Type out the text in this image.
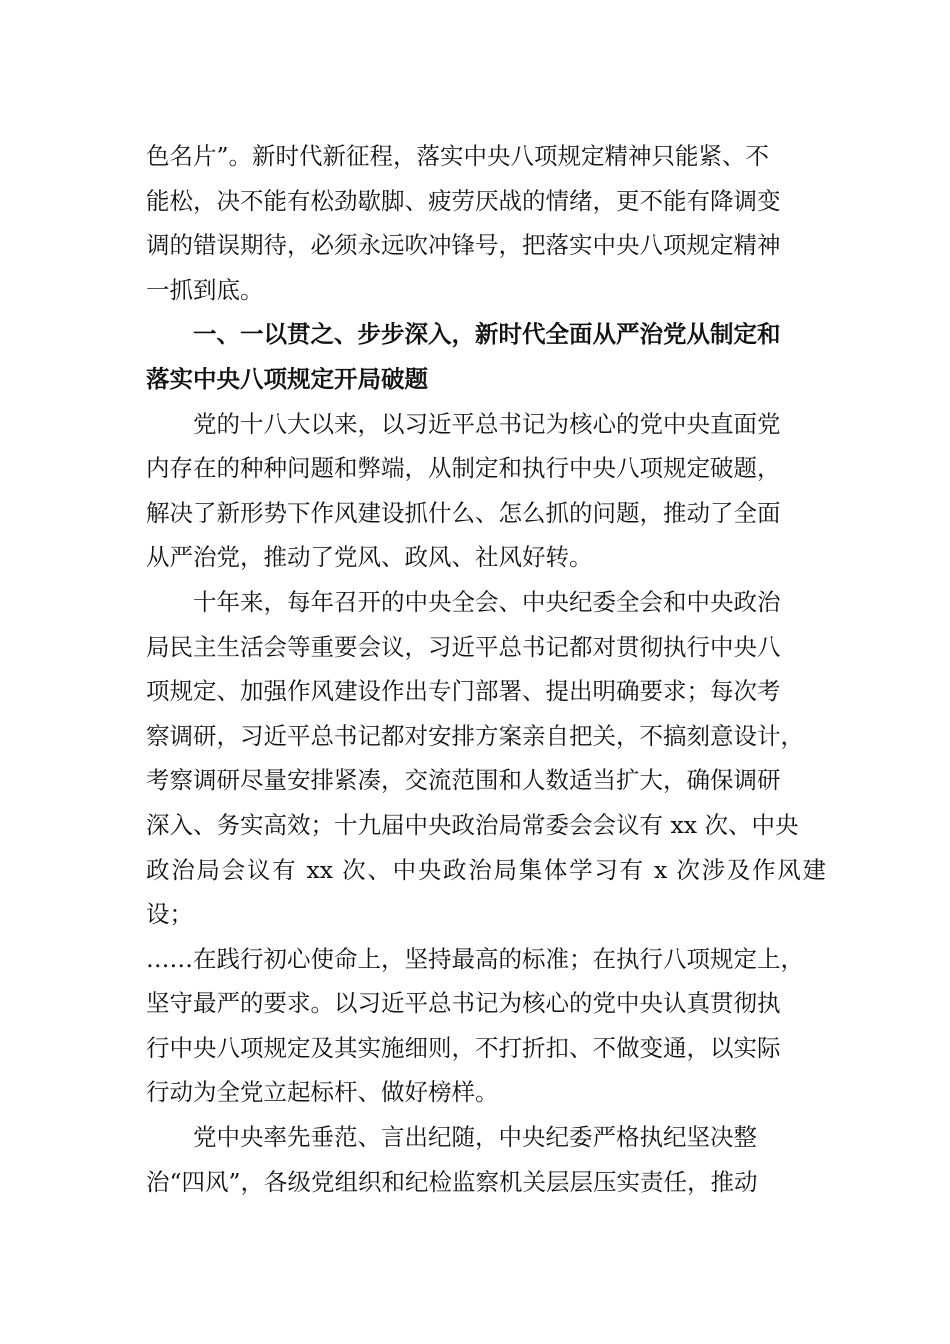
色名片”。新时代新征程，落实中央八项规定精神只能紧、不
能松，决不能有松劲歇脚、疲劳厌战的情绪，更不能有降调变
调的错误期待，必须永远吹冲锋号，把落实中央八项规定精神
一抓到底。

　　一、一以贯之、步步深入，新时代全面从严治党从制定和
落实中央八项规定开局破题

　　党的十八大以来，以习近平总书记为核心的党中央直面党
内存在的种种问题和弊端，从制定和执行中央八项规定破题，
解决了新形势下作风建设抓什么、怎么抓的问题，推动了全面
从严治党，推动了党风、政风、社风好转。

　　十年来，每年召开的中央全会、中央纪委全会和中央政治
局民主生活会等重要会议，习近平总书记都对贯彻执行中央八
项规定、加强作风建设作出专门部署、提出明确要求；每次考
察调研，习近平总书记都对安排方案亲自把关，不搞刻意设计，
考察调研尽量安排紧凑，交流范围和人数适当扩大，确保调研
深入、务实高效；十九届中央政治局常委会会议有 xx 次、中央
政治局会议有 xx 次、中央政治局集体学习有 x 次涉及作风建设；
……在践行初心使命上，坚持最高的标准；在执行八项规定上，
坚守最严的要求。以习近平总书记为核心的党中央认真贯彻执
行中央八项规定及其实施细则，不打折扣、不做变通，以实际
行动为全党立起标杆、做好榜样。

　　党中央率先垂范、言出纪随，中央纪委严格执纪坚决整
治“四风”，各级党组织和纪检监察机关层层压实责任，推动
